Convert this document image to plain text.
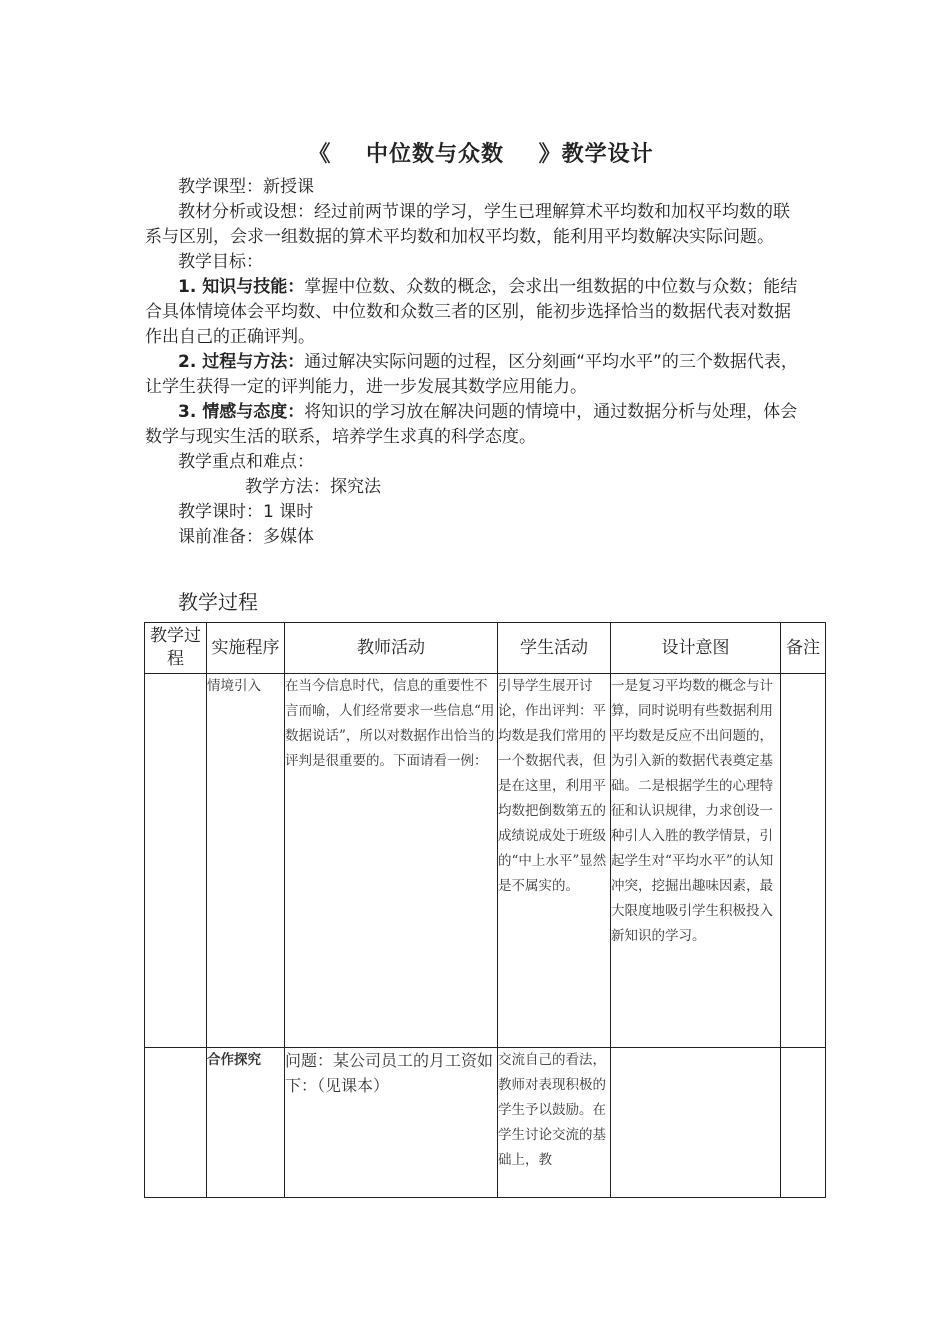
《    中位数与众数    》教学设计

教学课型：新授课

教材分析或设想：经过前两节课的学习，学生已理解算术平均数和加权平均数的联系与区别，会求一组数据的算术平均数和加权平均数，能利用平均数解决实际问题。

教学目标：

1. 知识与技能：掌握中位数、众数的概念，会求出一组数据的中位数与众数；能结合具体情境体会平均数、中位数和众数三者的区别，能初步选择恰当的数据代表对数据作出自己的正确评判。

2. 过程与方法：通过解决实际问题的过程，区分刻画“平均水平”的三个数据代表，让学生获得一定的评判能力，进一步发展其数学应用能力。

3. 情感与态度：将知识的学习放在解决问题的情境中，通过数据分析与处理，体会数学与现实生活的联系，培养学生求真的科学态度。

教学重点和难点：

教学方法：探究法

教学课时：1 课时

课前准备：多媒体

教学过程
教学过程	实施程序	教师活动	学生活动	设计意图	备注
	情境引入	在当今信息时代，信息的重要性不言而喻，人们经常要求一些信息“用数据说话”，所以对数据作出恰当的评判是很重要的。下面请看一例：	引导学生展开讨论，作出评判：平均数是我们常用的一个数据代表，但是在这里，利用平均数把倒数第五的成绩说成处于班级的“中上水平”显然是不属实的。	一是复习平均数的概念与计算，同时说明有些数据利用平均数是反应不出问题的，为引入新的数据代表奠定基础。二是根据学生的心理特征和认识规律，力求创设一种引人入胜的教学情景，引起学生对“平均水平”的认知冲突，挖掘出趣味因素，最大限度地吸引学生积极投入新知识的学习。	
	合作探究	问题：某公司员工的月工资如下：（见课本）	交流自己的看法，教师对表现积极的学生予以鼓励。在学生讨论交流的基础上，教		
